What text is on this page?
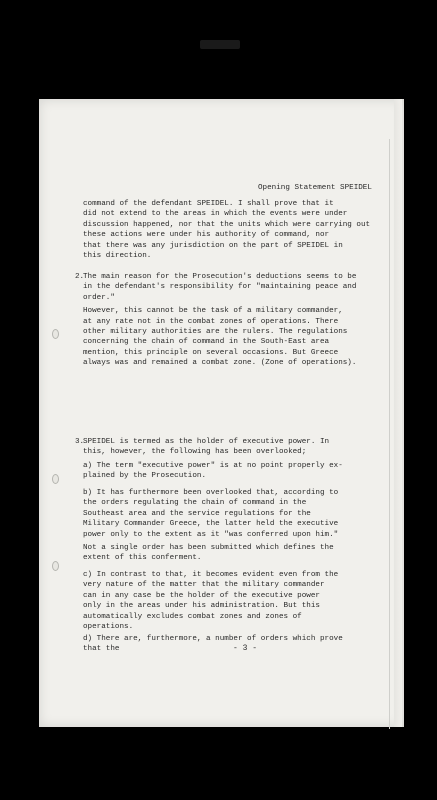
Opening Statement SPEIDEL
command of the defendant SPEIDEL. I shall prove that it
did not extend to the areas in which the events were under
discussion happened, nor that the units which were carrying out
these actions were under his authority of command, nor
that there was any jurisdiction on the part of SPEIDEL in
this direction.
2.
The main reason for the Prosecution's deductions seems to be
in the defendant's responsibility for "maintaining peace and
order."
However, this cannot be the task of a military commander,
at any rate not in the combat zones of operations. There
other military authorities are the rulers. The regulations
concerning the chain of command in the South-East area
mention, this principle on several occasions. But Greece
always was and remained a combat zone. (Zone of operations).
3.
SPEIDEL is termed as the holder of executive power. In
this, however, the following has been overlooked;
a) The term "executive power" is at no point properly ex-
plained by the Prosecution.
b) It has furthermore been overlooked that, according to
the orders regulating the chain of command in the
Southeast area and the service regulations for the
Military Commander Greece, the latter held the executive
power only to the extent as it "was conferred upon him."
Not a single order has been submitted which defines the
extent of this conferment.
c) In contrast to that, it becomes evident even from the
very nature of the matter that the military commander
can in any case be the holder of the executive power
only in the areas under his administration. But this
automatically excludes combat zones and zones of
operations.
d) There are, furthermore, a number of orders which prove
that the	- 3 -
